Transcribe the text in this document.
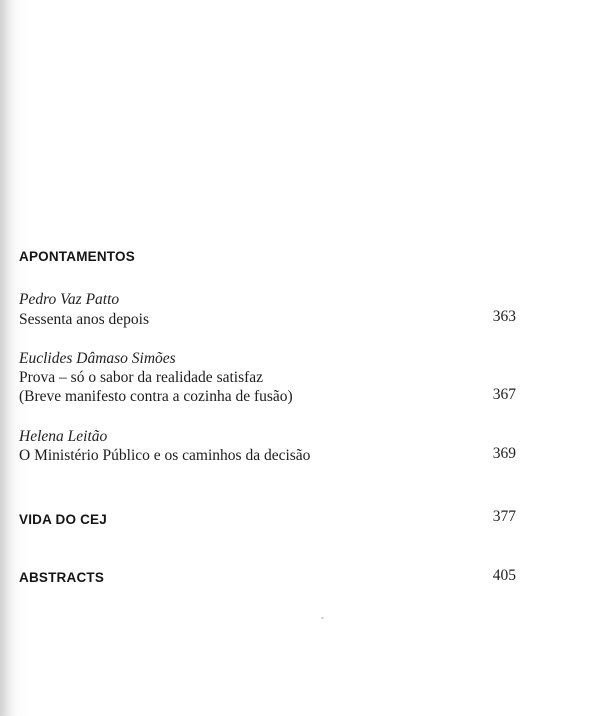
APONTAMENTOS
Pedro Vaz Patto
Sessenta anos depois	363
Euclides Dâmaso Simões
Prova – só o sabor da realidade satisfaz
(Breve manifesto contra a cozinha de fusão)	367
Helena Leitão
O Ministério Público e os caminhos da decisão	369
VIDA DO CEJ	377
ABSTRACTS	405
